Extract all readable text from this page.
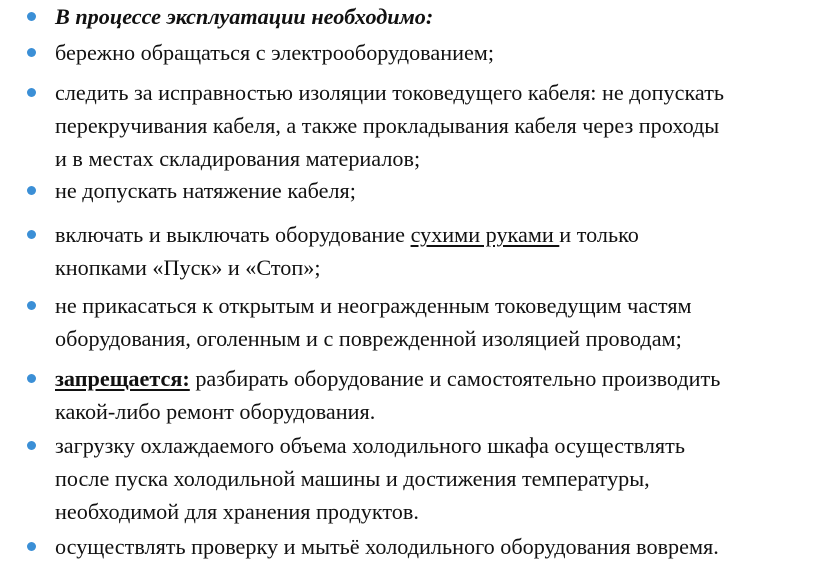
В процессе эксплуатации необходимо:
бережно обращаться с электрооборудованием;
следить за исправностью изоляции токоведущего кабеля: не допускать
перекручивания кабеля, а также прокладывания кабеля через проходы
и в местах складирования материалов;
не допускать натяжение кабеля;
включать и выключать оборудование сухими руками и только
кнопками «Пуск» и «Стоп»;
не прикасаться к открытым и неогражденным токоведущим частям
оборудования, оголенным и с поврежденной изоляцией проводам;
запрещается: разбирать оборудование и самостоятельно производить
какой-либо ремонт оборудования.
загрузку охлаждаемого объема холодильного шкафа осуществлять
после пуска холодильной машины и достижения температуры,
необходимой для хранения продуктов.
осуществлять проверку и мытьё холодильного оборудования вовремя.
